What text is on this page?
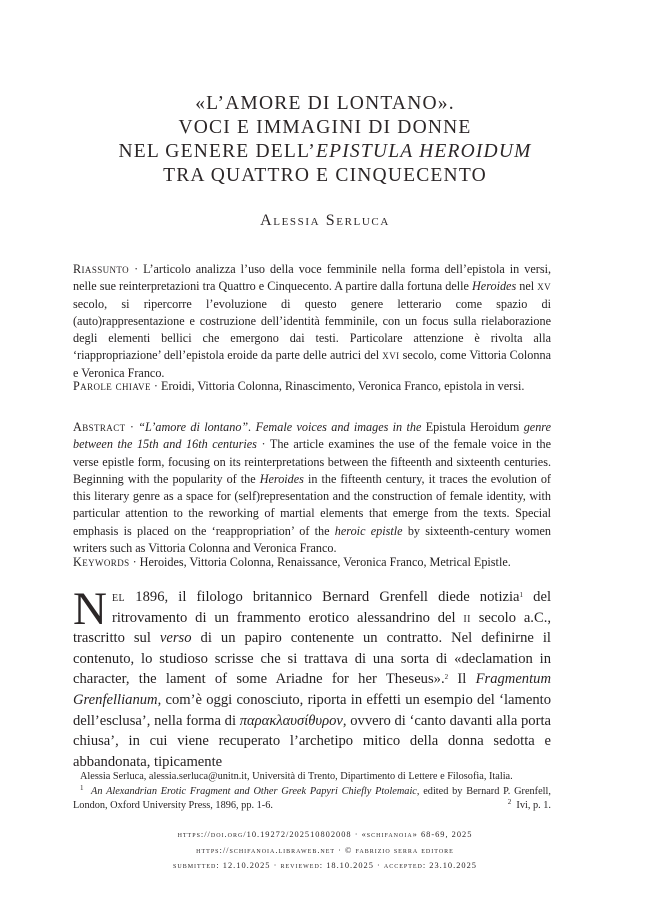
«L’AMORE DI LONTANO».
VOCI E IMMAGINI DI DONNE
NEL GENERE DELL’EPISTULA HEROIDUM
TRA QUATTRO E CINQUECENTO
Alessia Serluca
Riassunto · L’articolo analizza l’uso della voce femminile nella forma dell’epistola in versi, nelle sue reinterpretazioni tra Quattro e Cinquecento. A partire dalla fortuna delle Heroides nel xv secolo, si ripercorre l’evoluzione di questo genere letterario come spazio di (auto)rappresentazione e costruzione dell’identità femminile, con un focus sulla rielaborazione degli elementi bellici che emergono dai testi. Particolare attenzione è rivolta alla ‘riappropriazione’ dell’epistola eroide da parte delle autrici del xvi secolo, come Vittoria Colonna e Veronica Franco.
Parole chiave · Eroidi, Vittoria Colonna, Rinascimento, Veronica Franco, epistola in versi.
Abstract · “L’amore di lontano”. Female voices and images in the Epistula Heroidum genre between the 15th and 16th centuries · The article examines the use of the female voice in the verse epistle form, focusing on its reinterpretations between the fifteenth and sixteenth centuries. Beginning with the popularity of the Heroides in the fifteenth century, it traces the evolution of this literary genre as a space for (self)representation and the construction of female identity, with particular attention to the reworking of martial elements that emerge from the texts. Special emphasis is placed on the ‘reappropriation’ of the heroic epistle by sixteenth-century women writers such as Vittoria Colonna and Veronica Franco.
Keywords · Heroides, Vittoria Colonna, Renaissance, Veronica Franco, Metrical Epistle.
Nel 1896, il filologo britannico Bernard Grenfell diede notizia$^1$ del ritrovamento di un frammento erotico alessandrino del ii secolo a.C., trascritto sul verso di un papiro contenente un contratto. Nel definirne il contenuto, lo studioso scrisse che si trattava di una sorta di «declamation in character, the lament of some Ariadne for her Theseus».$^2$ Il Fragmentum Grenfellianum, com’è oggi conosciuto, riporta in effetti un esempio del ‘lamento dell’esclusa’, nella forma di παρακλαυσίθυρον, ovvero di ‘canto davanti alla porta chiusa’, in cui viene recuperato l’archetipo mitico della donna sedotta e abbandonata, tipicamente

Alessia Serluca, alessia.serluca@unitn.it, Università di Trento, Dipartimento di Lettere e Filosofia, Italia.

$^1$ An Alexandrian Erotic Fragment and Other Greek Papyri Chiefly Ptolemaic, edited by Bernard P. Grenfell, London, Oxford University Press, 1896, pp. 1-6.	$^2$ Ivi, p. 1.

https://doi.org/10.19272/202510802008 · «schifanoia» 68-69, 2025
https://schifanoia.libraweb.net · © fabrizio serra editore
submitted: 12.10.2025 · reviewed: 18.10.2025 · accepted: 23.10.2025
